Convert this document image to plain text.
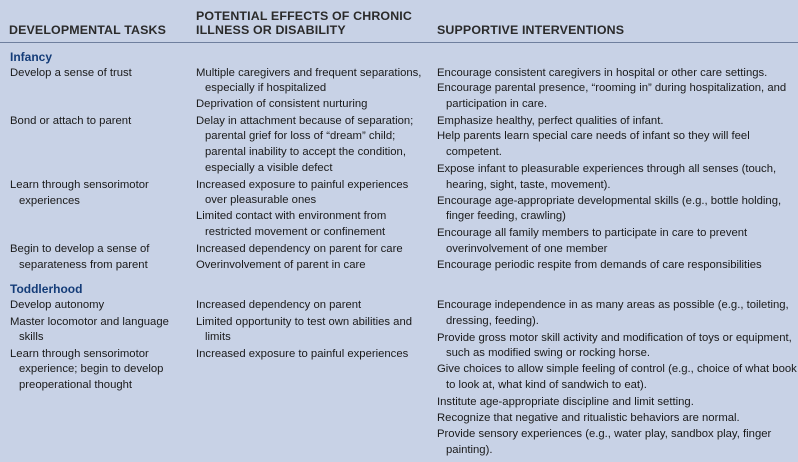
DEVELOPMENTAL TASKS
POTENTIAL EFFECTS OF CHRONIC
ILLNESS OR DISABILITY	SUPPORTIVE INTERVENTIONS
Infancy
Develop a sense of trust
Bond or attach to parent
Learn through sensorimotor
experiences
Begin to develop a sense of
separateness from parent
Multiple caregivers and frequent separations,
especially if hospitalized
Deprivation of consistent nurturing
Delay in attachment because of separation;
parental grief for loss of “dream” child;
parental inability to accept the condition,
especially a visible defect
Increased exposure to painful experiences
over pleasurable ones
Limited contact with environment from
restricted movement or confinement
Increased dependency on parent for care
Overinvolvement of parent in care
Encourage consistent caregivers in hospital or other care settings.
Encourage parental presence, “rooming in” during hospitalization, and
participation in care.
Emphasize healthy, perfect qualities of infant.
Help parents learn special care needs of infant so they will feel
competent.
Expose infant to pleasurable experiences through all senses (touch,
hearing, sight, taste, movement).
Encourage age-appropriate developmental skills (e.g., bottle holding,
finger feeding, crawling)
Encourage all family members to participate in care to prevent
overinvolvement of one member
Encourage periodic respite from demands of care responsibilities
Toddlerhood
Develop autonomy
Master locomotor and language
skills
Learn through sensorimotor
experience; begin to develop
preoperational thought
Increased dependency on parent
Limited opportunity to test own abilities and
limits
Increased exposure to painful experiences
Encourage independence in as many areas as possible (e.g., toileting,
dressing, feeding).
Provide gross motor skill activity and modification of toys or equipment,
such as modified swing or rocking horse.
Give choices to allow simple feeling of control (e.g., choice of what book
to look at, what kind of sandwich to eat).
Institute age-appropriate discipline and limit setting.
Recognize that negative and ritualistic behaviors are normal.
Provide sensory experiences (e.g., water play, sandbox play, finger
painting).
